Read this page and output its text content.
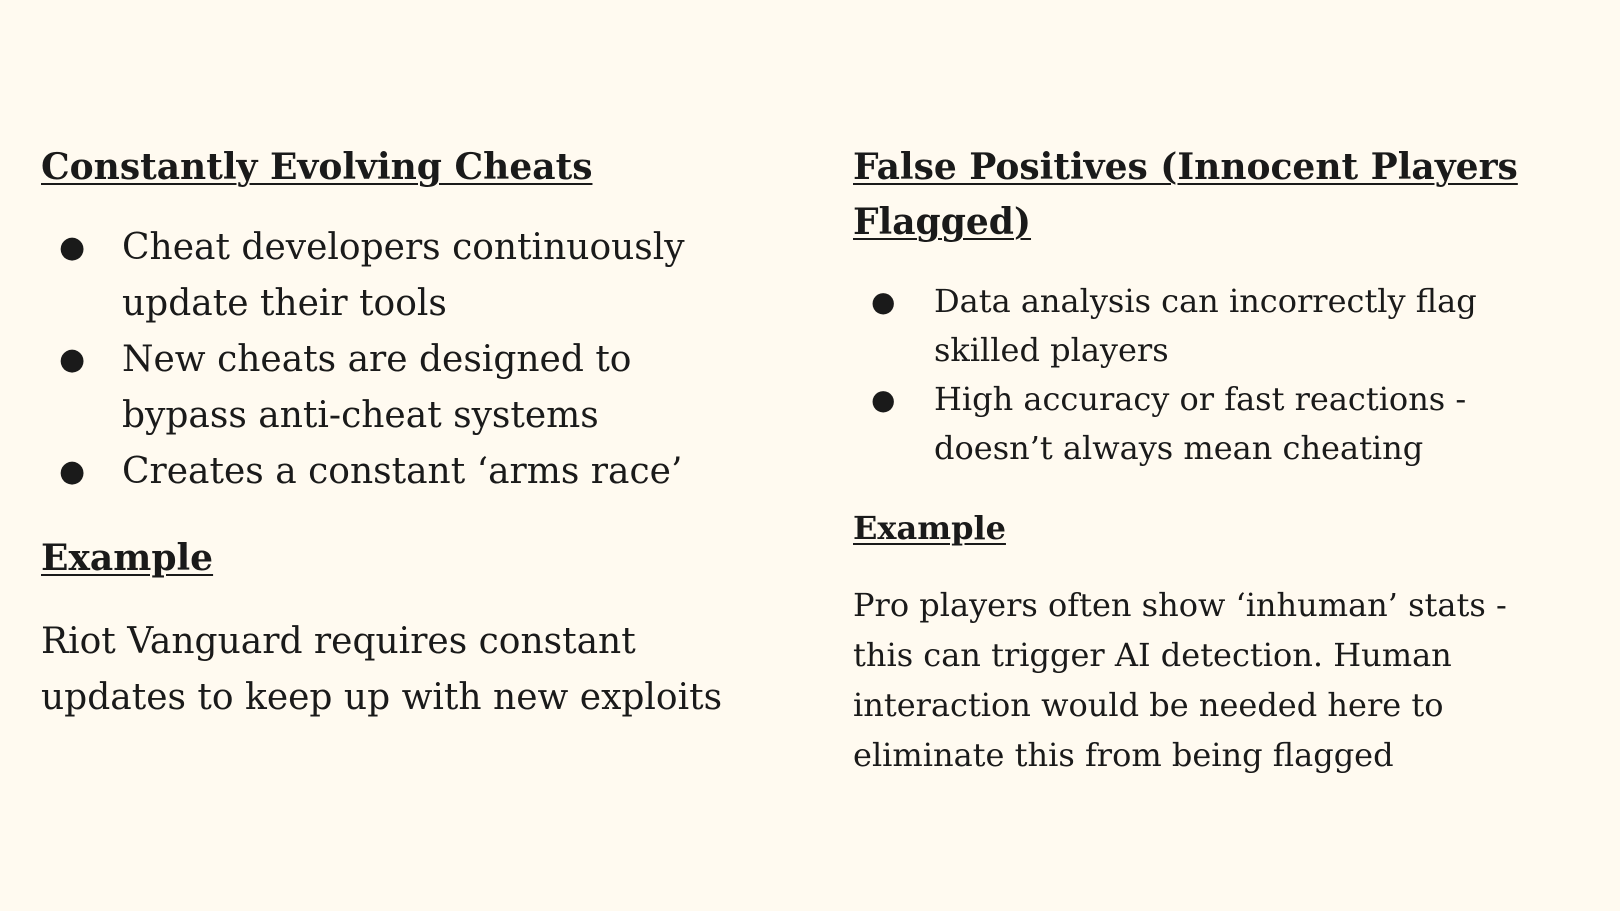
Constantly Evolving Cheats
● Cheat developers continuously update their tools
● New cheats are designed to bypass anti-cheat systems
● Creates a constant ‘arms race’
Example

Riot Vanguard requires constant updates to keep up with new exploits

False Positives (Innocent Players Flagged)
● Data analysis can incorrectly flag skilled players
● High accuracy or fast reactions - doesn’t always mean cheating
Example

Pro players often show ‘inhuman’ stats - this can trigger AI detection. Human interaction would be needed here to eliminate this from being flagged
